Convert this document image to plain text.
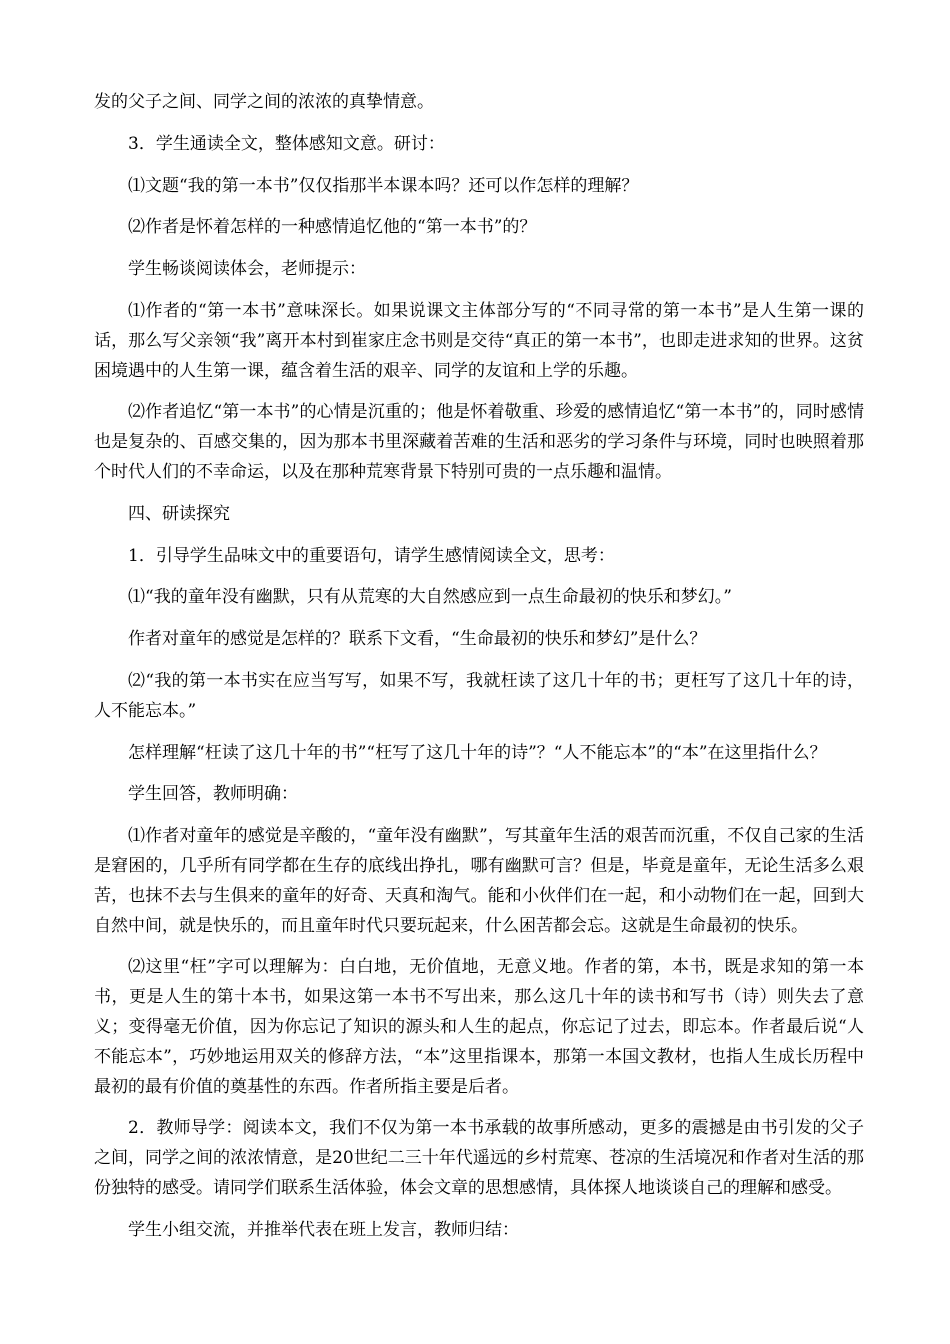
发的父子之间、同学之间的浓浓的真挚情意。

3．学生通读全文，整体感知文意。研讨：

⑴文题“我的第一本书”仅仅指那半本课本吗？还可以作怎样的理解？

⑵作者是怀着怎样的一种感情追忆他的“第一本书”的？

学生畅谈阅读体会，老师提示：

⑴作者的“第一本书”意味深长。如果说课文主体部分写的“不同寻常的第一本书”是人生第一课的话，那么写父亲领“我”离开本村到崔家庄念书则是交待“真正的第一本书”，也即走进求知的世界。这贫困境遇中的人生第一课，蕴含着生活的艰辛、同学的友谊和上学的乐趣。

⑵作者追忆“第一本书”的心情是沉重的；他是怀着敬重、珍爱的感情追忆“第一本书”的，同时感情也是复杂的、百感交集的，因为那本书里深藏着苦难的生活和恶劣的学习条件与环境，同时也映照着那个时代人们的不幸命运，以及在那种荒寒背景下特别可贵的一点乐趣和温情。

四、研读探究

1．引导学生品味文中的重要语句，请学生感情阅读全文，思考：

⑴“我的童年没有幽默，只有从荒寒的大自然感应到一点生命最初的快乐和梦幻。”

作者对童年的感觉是怎样的？联系下文看，“生命最初的快乐和梦幻”是什么？

⑵“我的第一本书实在应当写写，如果不写，我就枉读了这几十年的书；更枉写了这几十年的诗，人不能忘本。”

怎样理解“枉读了这几十年的书”“枉写了这几十年的诗”？“人不能忘本”的“本”在这里指什么？

学生回答，教师明确：

⑴作者对童年的感觉是辛酸的，“童年没有幽默”，写其童年生活的艰苦而沉重，不仅自己家的生活是窘困的，几乎所有同学都在生存的底线出挣扎，哪有幽默可言？但是，毕竟是童年，无论生活多么艰苦，也抹不去与生俱来的童年的好奇、天真和淘气。能和小伙伴们在一起，和小动物们在一起，回到大自然中间，就是快乐的，而且童年时代只要玩起来，什么困苦都会忘。这就是生命最初的快乐。

⑵这里“枉”字可以理解为：白白地，无价值地，无意义地。作者的第，本书，既是求知的第一本书，更是人生的第十本书，如果这第一本书不写出来，那么这几十年的读书和写书（诗）则失去了意义；变得毫无价值，因为你忘记了知识的源头和人生的起点，你忘记了过去，即忘本。作者最后说“人不能忘本”，巧妙地运用双关的修辞方法，“本”这里指课本，那第一本国文教材，也指人生成长历程中最初的最有价值的奠基性的东西。作者所指主要是后者。

2．教师导学：阅读本文，我们不仅为第一本书承载的故事所感动，更多的震撼是由书引发的父子之间，同学之间的浓浓情意，是20世纪二三十年代遥远的乡村荒寒、苍凉的生活境况和作者对生活的那份独特的感受。请同学们联系生活体验，体会文章的思想感情，具体探人地谈谈自己的理解和感受。

学生小组交流，并推举代表在班上发言，教师归结：
